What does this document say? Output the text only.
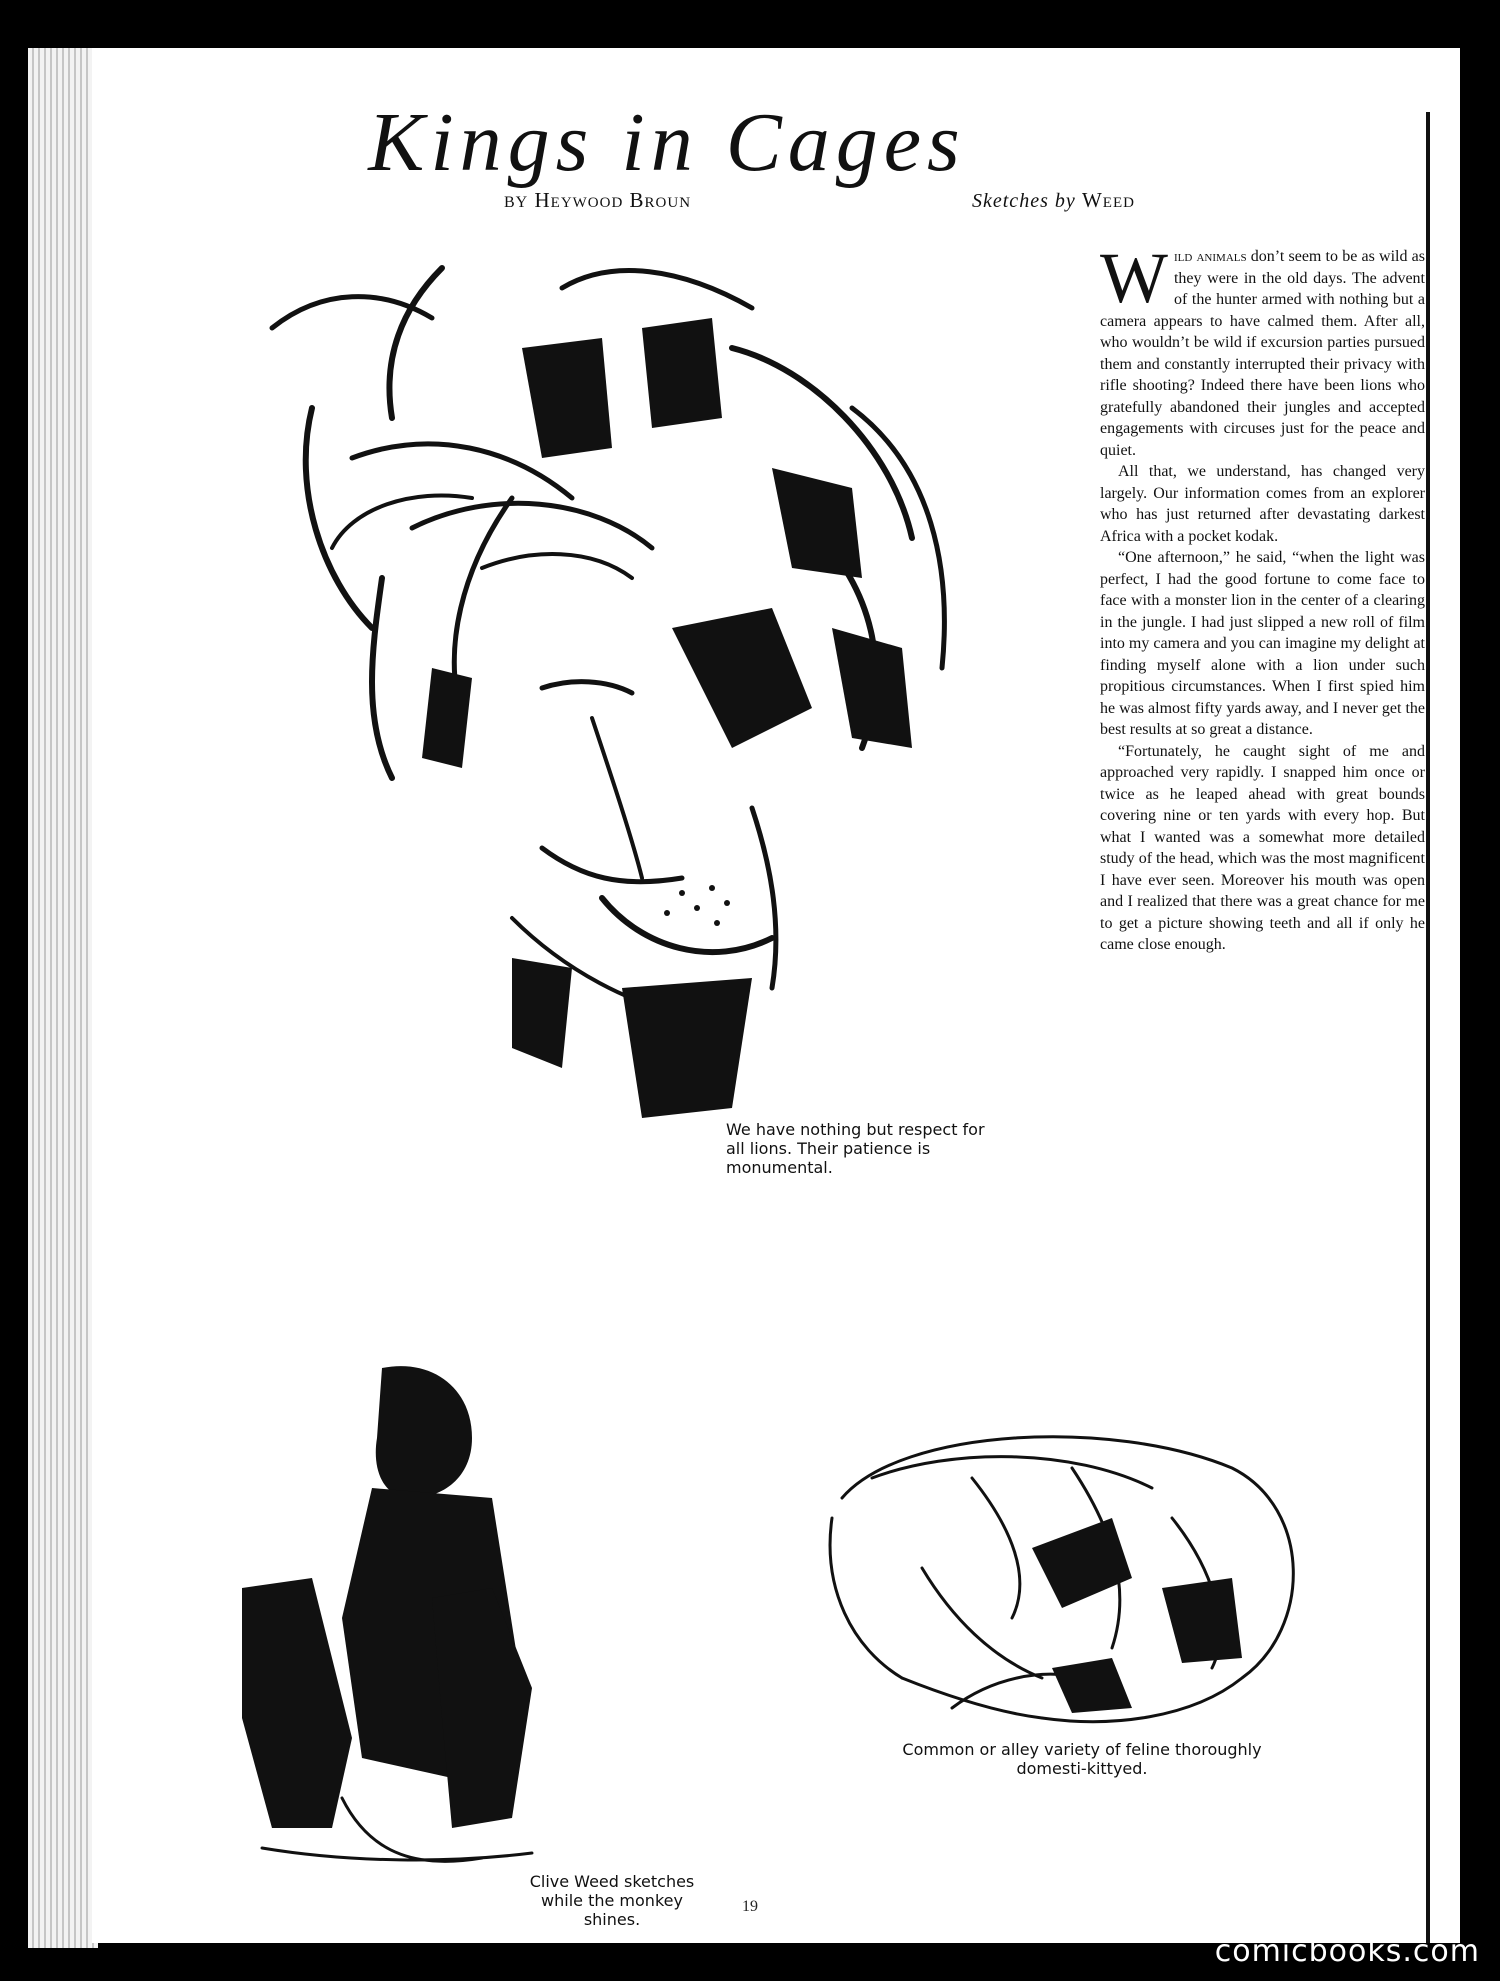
Kings in Cages
BY Heywood Broun	Sketches by Weed
We have nothing but respect for all lions. Their patience is monumental.

Wild animals don’t seem to be as wild as they were in the old days. The advent of the hunter armed with nothing but a camera appears to have calmed them. After all, who wouldn’t be wild if excursion parties pursued them and constantly interrupted their privacy with rifle shooting? Indeed there have been lions who gratefully abandoned their jungles and accepted engagements with circuses just for the peace and quiet.

All that, we understand, has changed very largely. Our information comes from an explorer who has just returned after devastating darkest Africa with a pocket kodak.

“One afternoon,” he said, “when the light was perfect, I had the good fortune to come face to face with a monster lion in the center of a clearing in the jungle. I had just slipped a new roll of film into my camera and you can imagine my delight at finding myself alone with a lion under such propitious circumstances. When I first spied him he was almost fifty yards away, and I never get the best results at so great a distance.

“Fortunately, he caught sight of me and approached very rapidly. I snapped him once or twice as he leaped ahead with great bounds covering nine or ten yards with every hop. But what I wanted was a somewhat more detailed study of the head, which was the most magnificent I have ever seen. Moreover his mouth was open and I realized that there was a great chance for me to get a picture showing teeth and all if only he came close enough.

Clive Weed sketches while the monkey shines.
Common or alley variety of feline thoroughly domesti-kittyed.
19
comicbooks.com
